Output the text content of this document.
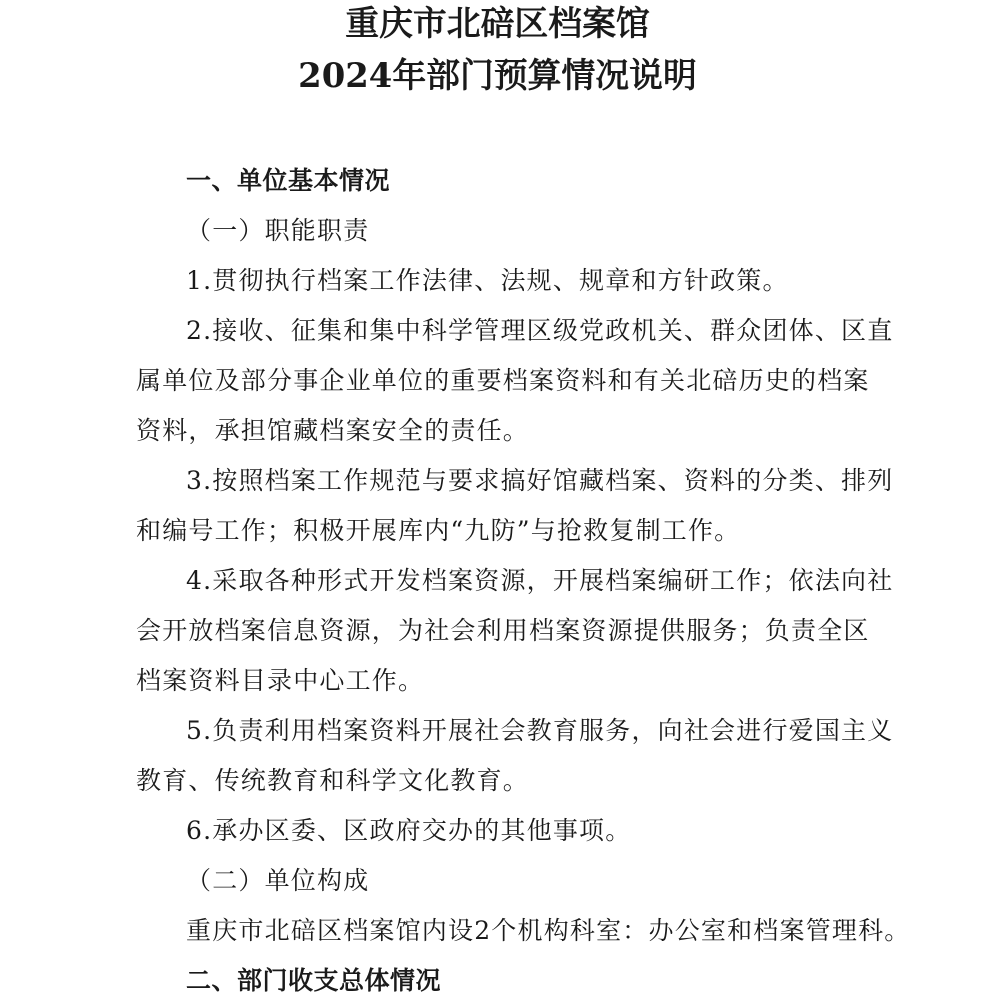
重庆市北碚区档案馆
2024年部门预算情况说明
一、单位基本情况
（一）职能职责
1.贯彻执行档案工作法律、法规、规章和方针政策。
2.接收、征集和集中科学管理区级党政机关、群众团体、区直
属单位及部分事企业单位的重要档案资料和有关北碚历史的档案
资料，承担馆藏档案安全的责任。
3.按照档案工作规范与要求搞好馆藏档案、资料的分类、排列
和编号工作；积极开展库内“九防”与抢救复制工作。
4.采取各种形式开发档案资源，开展档案编研工作；依法向社
会开放档案信息资源，为社会利用档案资源提供服务；负责全区
档案资料目录中心工作。
5.负责利用档案资料开展社会教育服务，向社会进行爱国主义
教育、传统教育和科学文化教育。
6.承办区委、区政府交办的其他事项。
（二）单位构成
重庆市北碚区档案馆内设2个机构科室：办公室和档案管理科。
二、部门收支总体情况
